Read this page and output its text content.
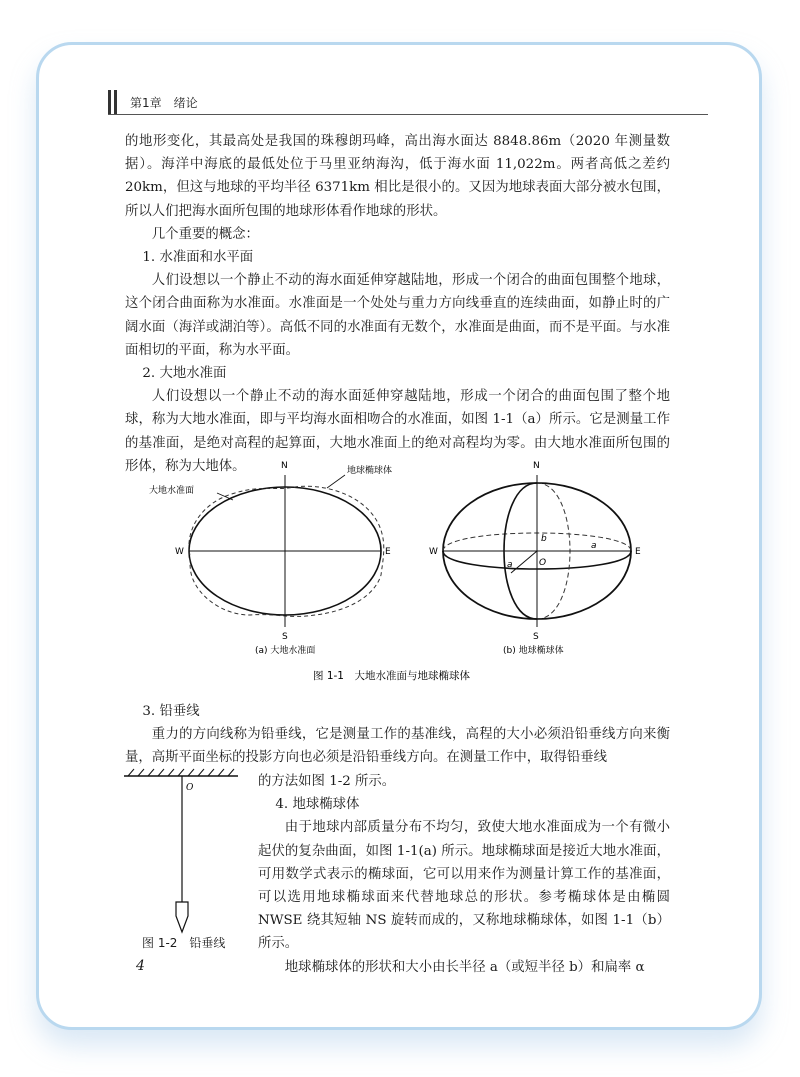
第1章　绪论

的地形变化，其最高处是我国的珠穆朗玛峰，高出海水面达 8848.86m（2020 年测量数据）。海洋中海底的最低处位于马里亚纳海沟，低于海水面 11,022m。两者高低之差约 20km，但这与地球的平均半径 6371km 相比是很小的。又因为地球表面大部分被水包围，所以人们把海水面所包围的地球形体看作地球的形状。

几个重要的概念：

1. 水准面和水平面

人们设想以一个静止不动的海水面延伸穿越陆地，形成一个闭合的曲面包围整个地球，这个闭合曲面称为水准面。水准面是一个处处与重力方向线垂直的连续曲面，如静止时的广阔水面（海洋或湖泊等）。高低不同的水准面有无数个，水准面是曲面，而不是平面。与水准面相切的平面，称为水平面。

2. 大地水准面

人们设想以一个静止不动的海水面延伸穿越陆地，形成一个闭合的曲面包围了整个地球，称为大地水准面，即与平均海水面相吻合的水准面，如图 1-1（a）所示。它是测量工作的基准面，是绝对高程的起算面，大地水准面上的绝对高程均为零。由大地水准面所包围的形体，称为大地体。

大地水准面
地球椭球体
N
S
W	E
(a) 大地水准面
N
S
W	E
b
a
O
a
(b) 地球椭球体
图 1-1　大地水准面与地球椭球体

3. 铅垂线

重力的方向线称为铅垂线，它是测量工作的基准线，高程的大小必须沿铅垂线方向来衡量，高斯平面坐标的投影方向也必须是沿铅垂线方向。在测量工作中，取得铅垂线

O
图 1-2　铅垂线

的方法如图 1-2 所示。

4. 地球椭球体

由于地球内部质量分布不均匀，致使大地水准面成为一个有微小起伏的复杂曲面，如图 1-1(a) 所示。地球椭球面是接近大地水准面，可用数学式表示的椭球面，它可以用来作为测量计算工作的基准面，可以选用地球椭球面来代替地球总的形状。参考椭球体是由椭圆 NWSE 绕其短轴 NS 旋转而成的，又称地球椭球体，如图 1-1（b）所示。

地球椭球体的形状和大小由长半径 a（或短半径 b）和扁率 α

4
